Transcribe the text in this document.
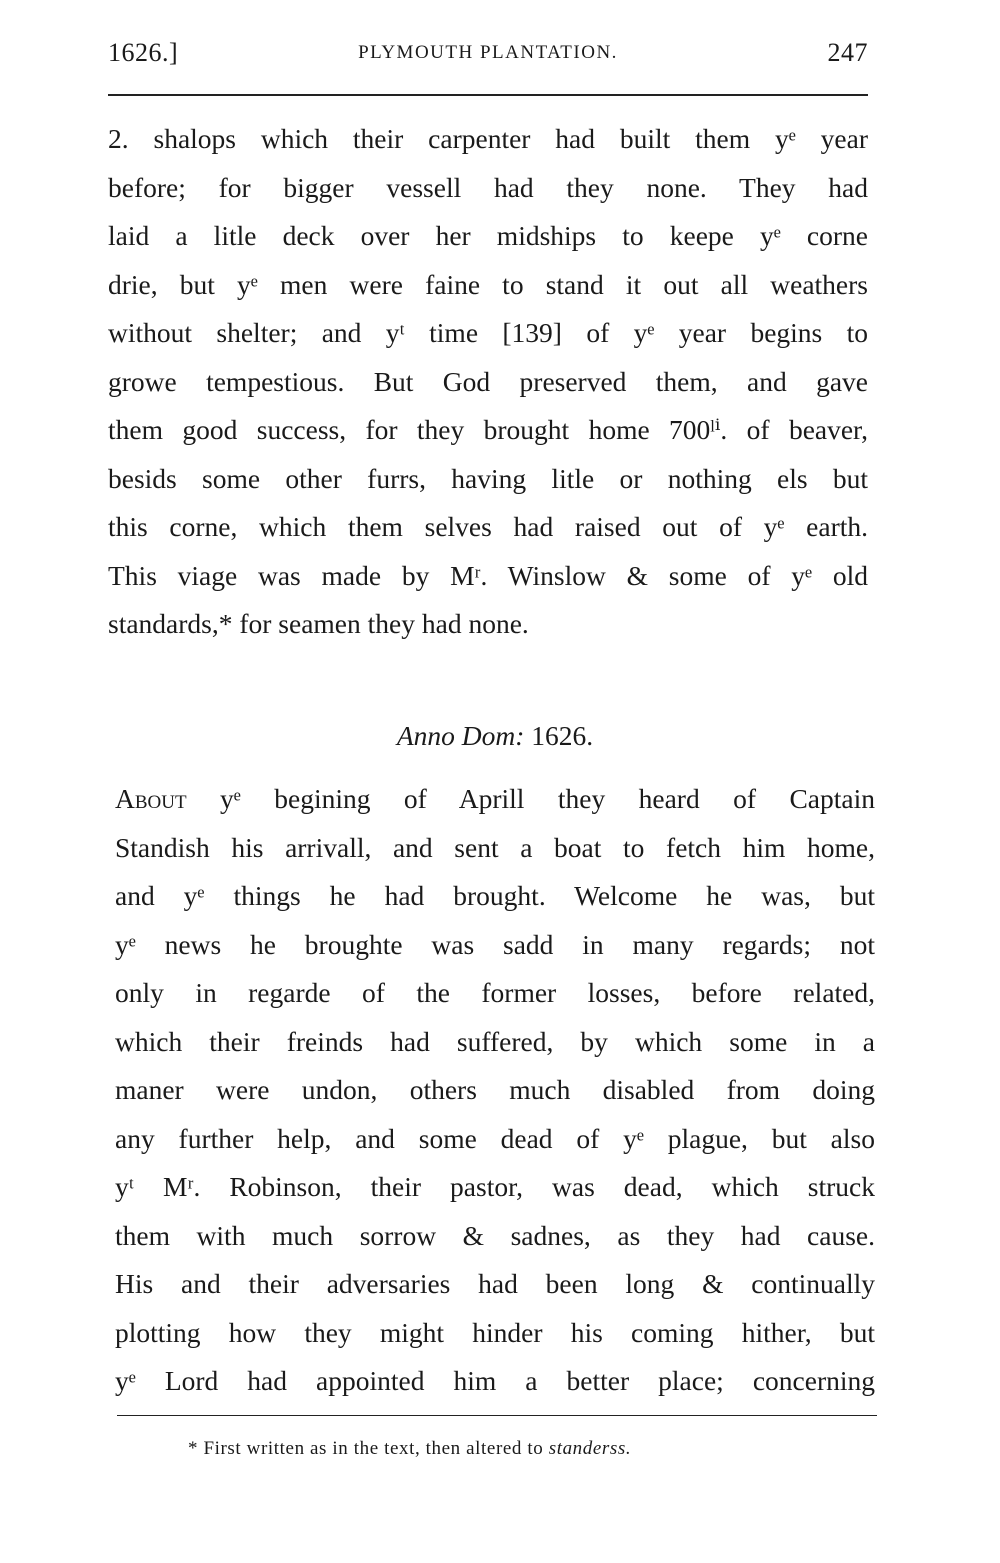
1626.]	PLYMOUTH PLANTATION.	247
2. shalops which their carpenter had built them yᵉ year
before; for bigger vessell had they none. They had
laid a litle deck over her midships to keepe yᵉ corne
drie, but yᵉ men were faine to stand it out all weathers
without shelter; and yᵗ time [139] of yᵉ year begins to
growe tempestious. But God preserved them, and gave
them good success, for they brought home 700ˡⁱ. of beaver,
besids some other furrs, having litle or nothing els but
this corne, which them selves had raised out of yᵉ earth.
This viage was made by Mʳ. Winslow & some of yᵉ old
standards,* for seamen they had none.
Anno Dom: 1626.
About yᵉ begining of Aprill they heard of Captain
Standish his arrivall, and sent a boat to fetch him home,
and yᵉ things he had brought. Welcome he was, but
yᵉ news he broughte was sadd in many regards; not
only in regarde of the former losses, before related,
which their freinds had suffered, by which some in a
maner were undon, others much disabled from doing
any further help, and some dead of yᵉ plague, but also
yᵗ Mʳ. Robinson, their pastor, was dead, which struck
them with much sorrow & sadnes, as they had cause.
His and their adversaries had been long & continually
plotting how they might hinder his coming hither, but
yᵉ Lord had appointed him a better place; concerning
* First written as in the text, then altered to standerss.
